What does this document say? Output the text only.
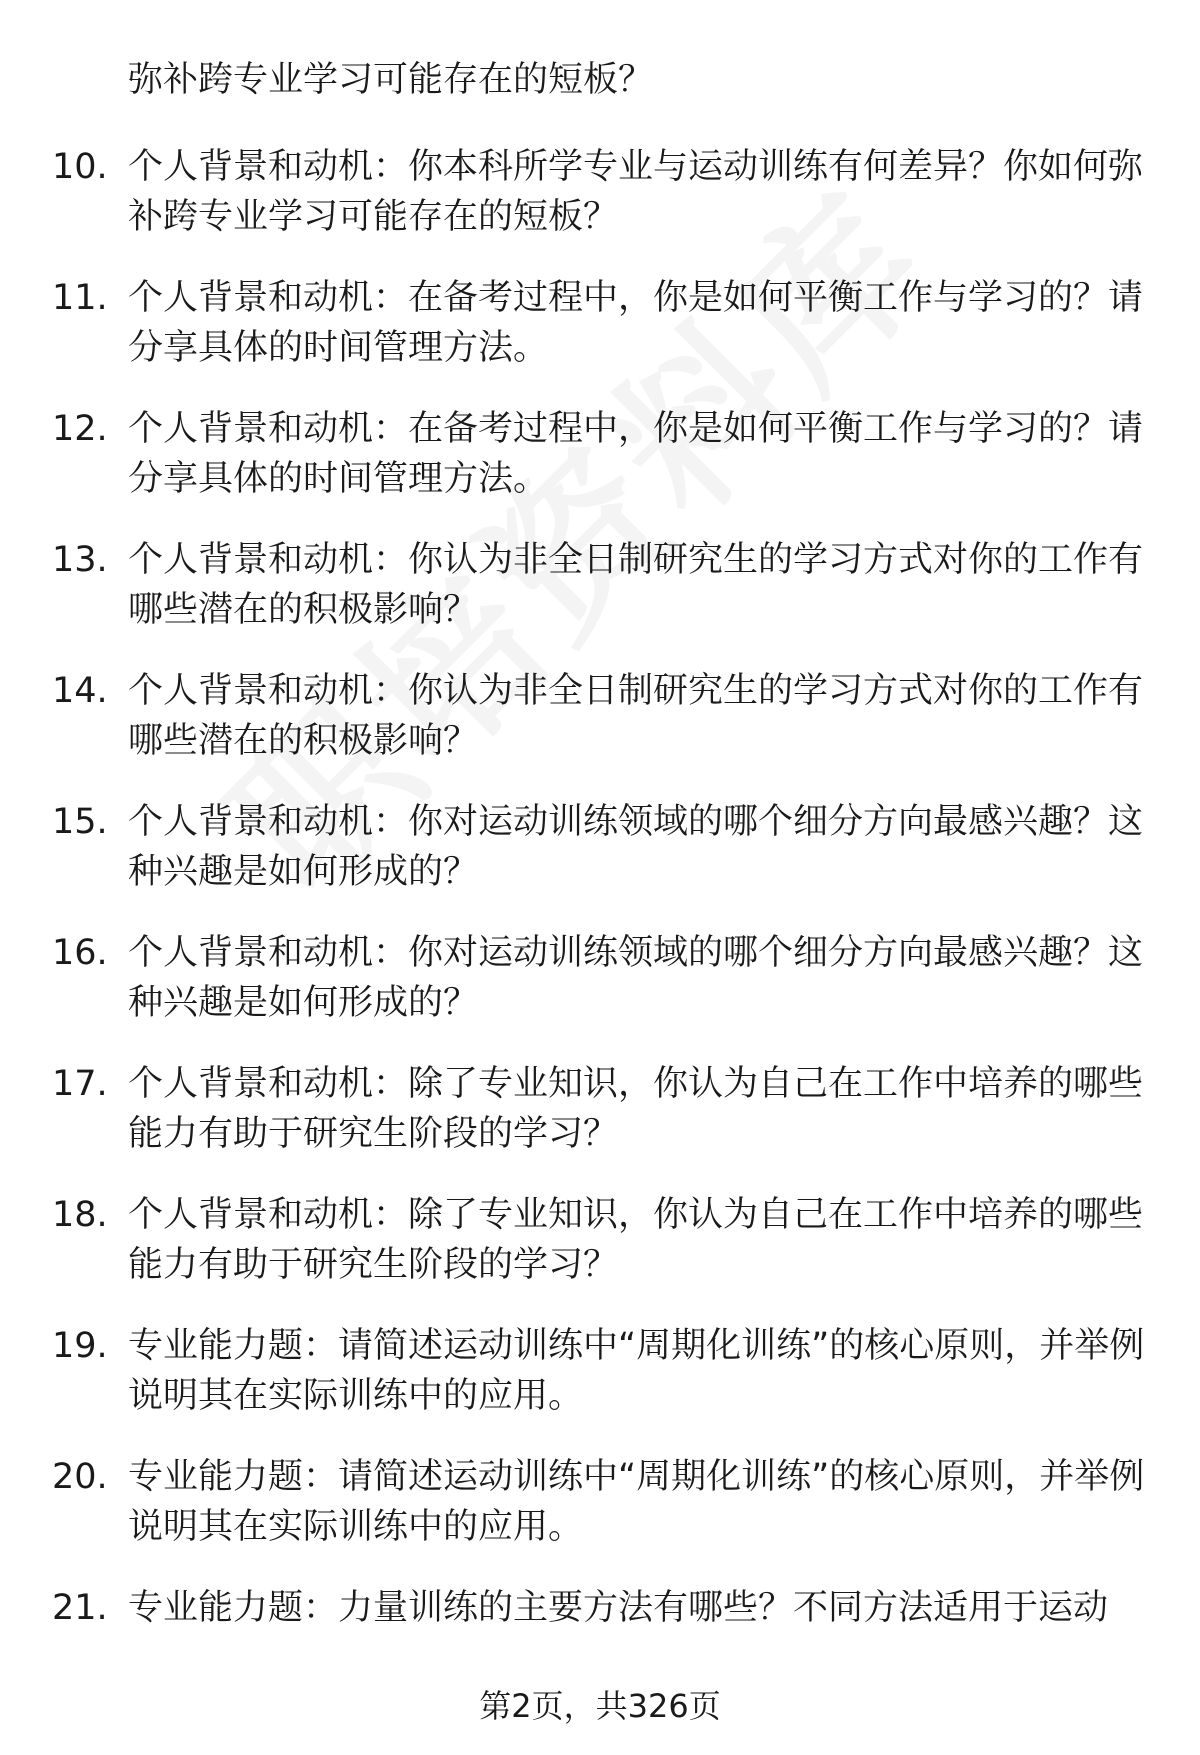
弥补跨专业学习可能存在的短板？
10. 个人背景和动机：你本科所学专业与运动训练有何差异？你如何弥补跨专业学习可能存在的短板？
11. 个人背景和动机：在备考过程中，你是如何平衡工作与学习的？请分享具体的时间管理方法。
12. 个人背景和动机：在备考过程中，你是如何平衡工作与学习的？请分享具体的时间管理方法。
13. 个人背景和动机：你认为非全日制研究生的学习方式对你的工作有哪些潜在的积极影响？
14. 个人背景和动机：你认为非全日制研究生的学习方式对你的工作有哪些潜在的积极影响？
15. 个人背景和动机：你对运动训练领域的哪个细分方向最感兴趣？这种兴趣是如何形成的？
16. 个人背景和动机：你对运动训练领域的哪个细分方向最感兴趣？这种兴趣是如何形成的？
17. 个人背景和动机：除了专业知识，你认为自己在工作中培养的哪些能力有助于研究生阶段的学习？
18. 个人背景和动机：除了专业知识，你认为自己在工作中培养的哪些能力有助于研究生阶段的学习？
19. 专业能力题：请简述运动训练中“周期化训练”的核心原则，并举例说明其在实际训练中的应用。
20. 专业能力题：请简述运动训练中“周期化训练”的核心原则，并举例说明其在实际训练中的应用。
21. 专业能力题：力量训练的主要方法有哪些？不同方法适用于运动
第2页，共326页
